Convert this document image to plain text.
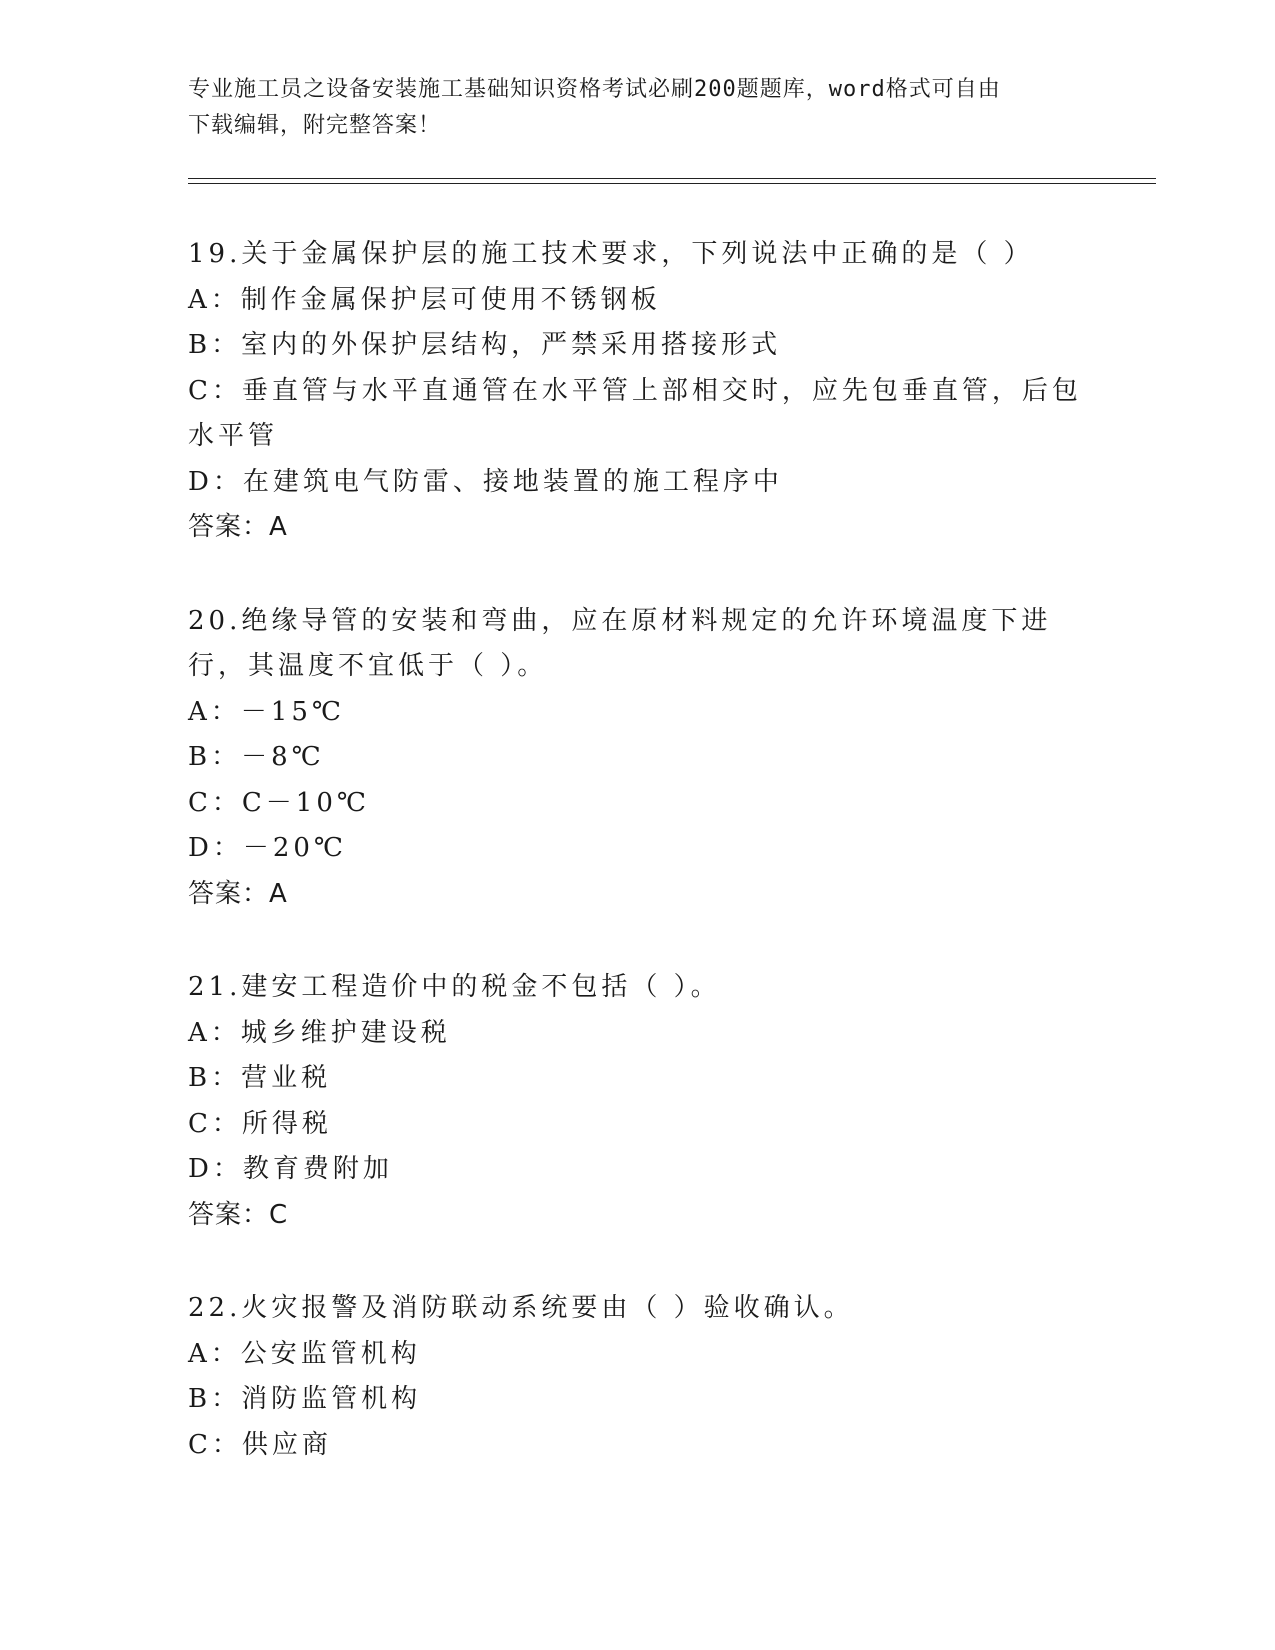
专业施工员之设备安装施工基础知识资格考试必刷200题题库，word格式可自由
下载编辑，附完整答案！
19.关于金属保护层的施工技术要求，下列说法中正确的是（ ）
A：制作金属保护层可使用不锈钢板
B：室内的外保护层结构，严禁采用搭接形式
C：垂直管与水平直通管在水平管上部相交时，应先包垂直管，后包水平管
D：在建筑电气防雷、接地装置的施工程序中
答案：A
20.绝缘导管的安装和弯曲，应在原材料规定的允许环境温度下进行，其温度不宜低于（ ）。
A：－15℃
B：－8℃
C：C－10℃
D：－20℃
答案：A
21.建安工程造价中的税金不包括（ ）。
A：城乡维护建设税
B：营业税
C：所得税
D：教育费附加
答案：C
22.火灾报警及消防联动系统要由（ ）验收确认。
A：公安监管机构
B：消防监管机构
C：供应商
